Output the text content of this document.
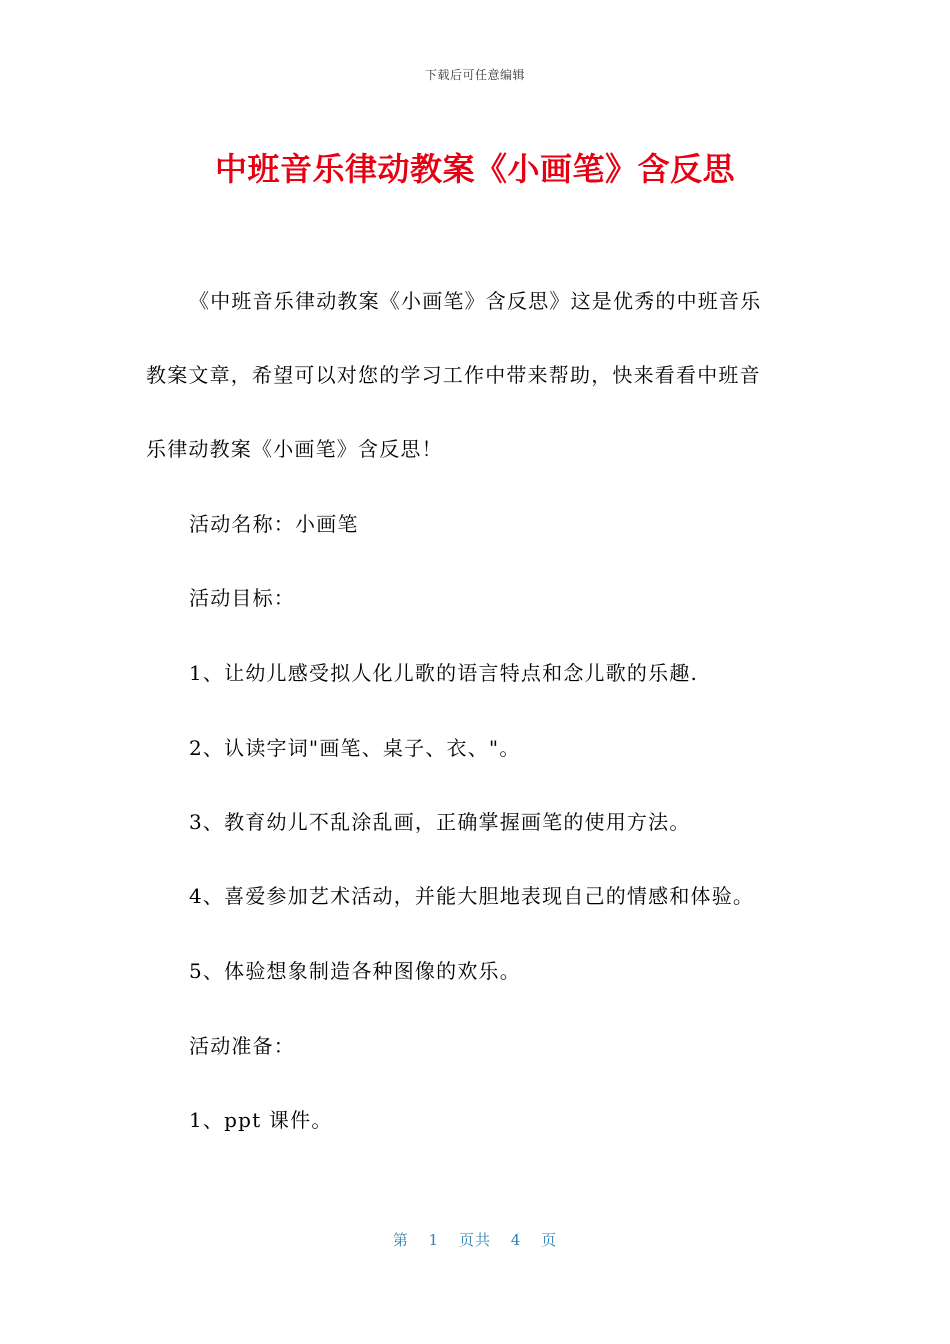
下载后可任意编辑
中班音乐律动教案《小画笔》含反思
《中班音乐律动教案《小画笔》含反思》这是优秀的中班音乐
教案文章，希望可以对您的学习工作中带来帮助，快来看看中班音
乐律动教案《小画笔》含反思！
活动名称：小画笔
活动目标：
1、让幼儿感受拟人化儿歌的语言特点和念儿歌的乐趣.
2、认读字词"画笔、桌子、衣、"。
3、教育幼儿不乱涂乱画，正确掌握画笔的使用方法。
4、喜爱参加艺术活动，并能大胆地表现自己的情感和体验。
5、体验想象制造各种图像的欢乐。
活动准备：
1、ppt 课件。
第 1 页共 4 页
